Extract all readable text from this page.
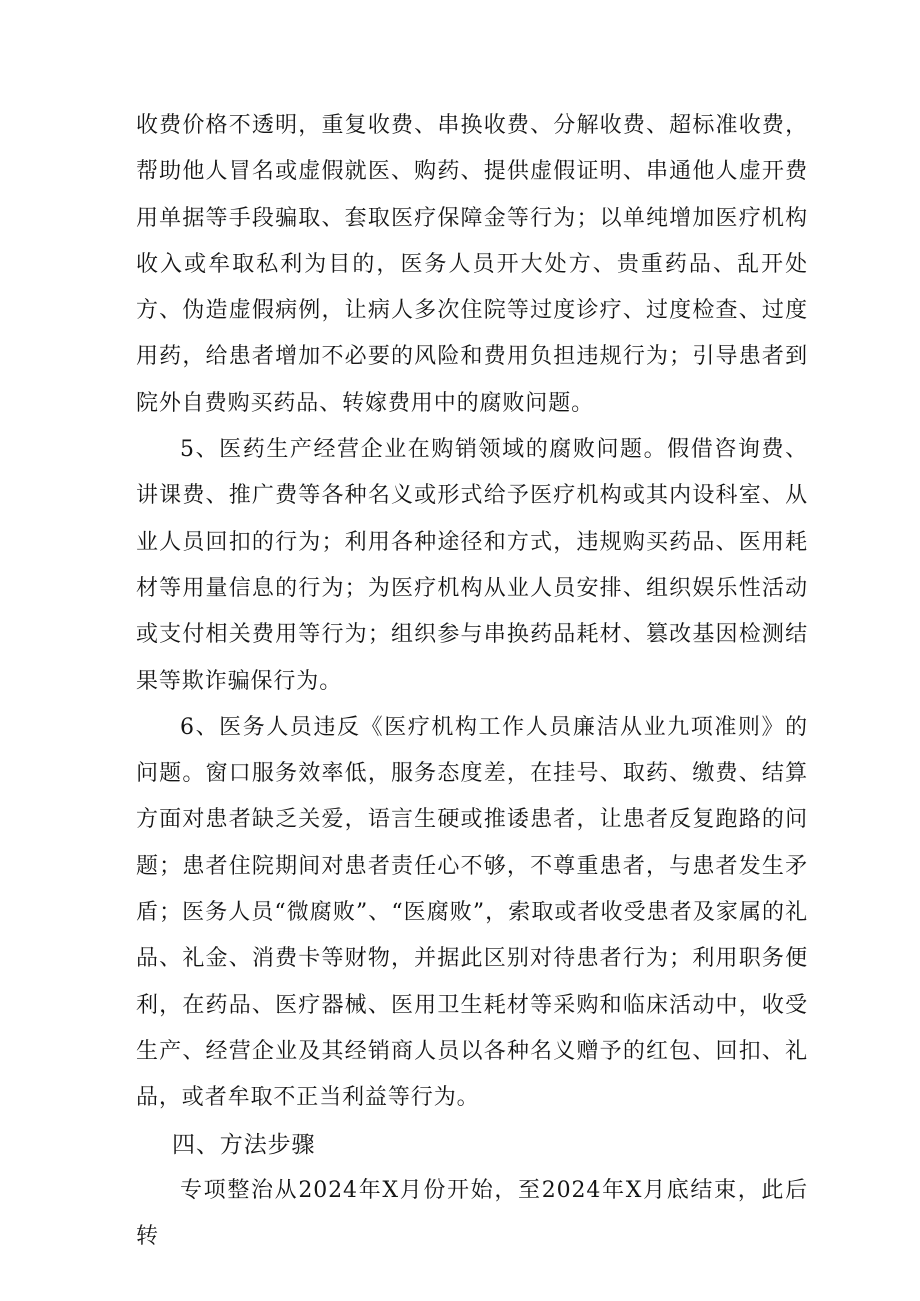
收费价格不透明，重复收费、串换收费、分解收费、超标准收费，帮助他人冒名或虚假就医、购药、提供虚假证明、串通他人虚开费用单据等手段骗取、套取医疗保障金等行为；以单纯增加医疗机构收入或牟取私利为目的，医务人员开大处方、贵重药品、乱开处方、伪造虚假病例，让病人多次住院等过度诊疗、过度检查、过度用药，给患者增加不必要的风险和费用负担违规行为；引导患者到院外自费购买药品、转嫁费用中的腐败问题。

5、医药生产经营企业在购销领域的腐败问题。假借咨询费、讲课费、推广费等各种名义或形式给予医疗机构或其内设科室、从业人员回扣的行为；利用各种途径和方式，违规购买药品、医用耗材等用量信息的行为；为医疗机构从业人员安排、组织娱乐性活动或支付相关费用等行为；组织参与串换药品耗材、篡改基因检测结果等欺诈骗保行为。

6、医务人员违反《医疗机构工作人员廉洁从业九项准则》的问题。窗口服务效率低，服务态度差，在挂号、取药、缴费、结算方面对患者缺乏关爱，语言生硬或推诿患者，让患者反复跑路的问题；患者住院期间对患者责任心不够，不尊重患者，与患者发生矛盾；医务人员“微腐败”、“医腐败”，索取或者收受患者及家属的礼品、礼金、消费卡等财物，并据此区别对待患者行为；利用职务便利，在药品、医疗器械、医用卫生耗材等采购和临床活动中，收受生产、经营企业及其经销商人员以各种名义赠予的红包、回扣、礼品，或者牟取不正当利益等行为。

四、方法步骤

专项整治从2024年X月份开始，至2024年X月底结束，此后转
